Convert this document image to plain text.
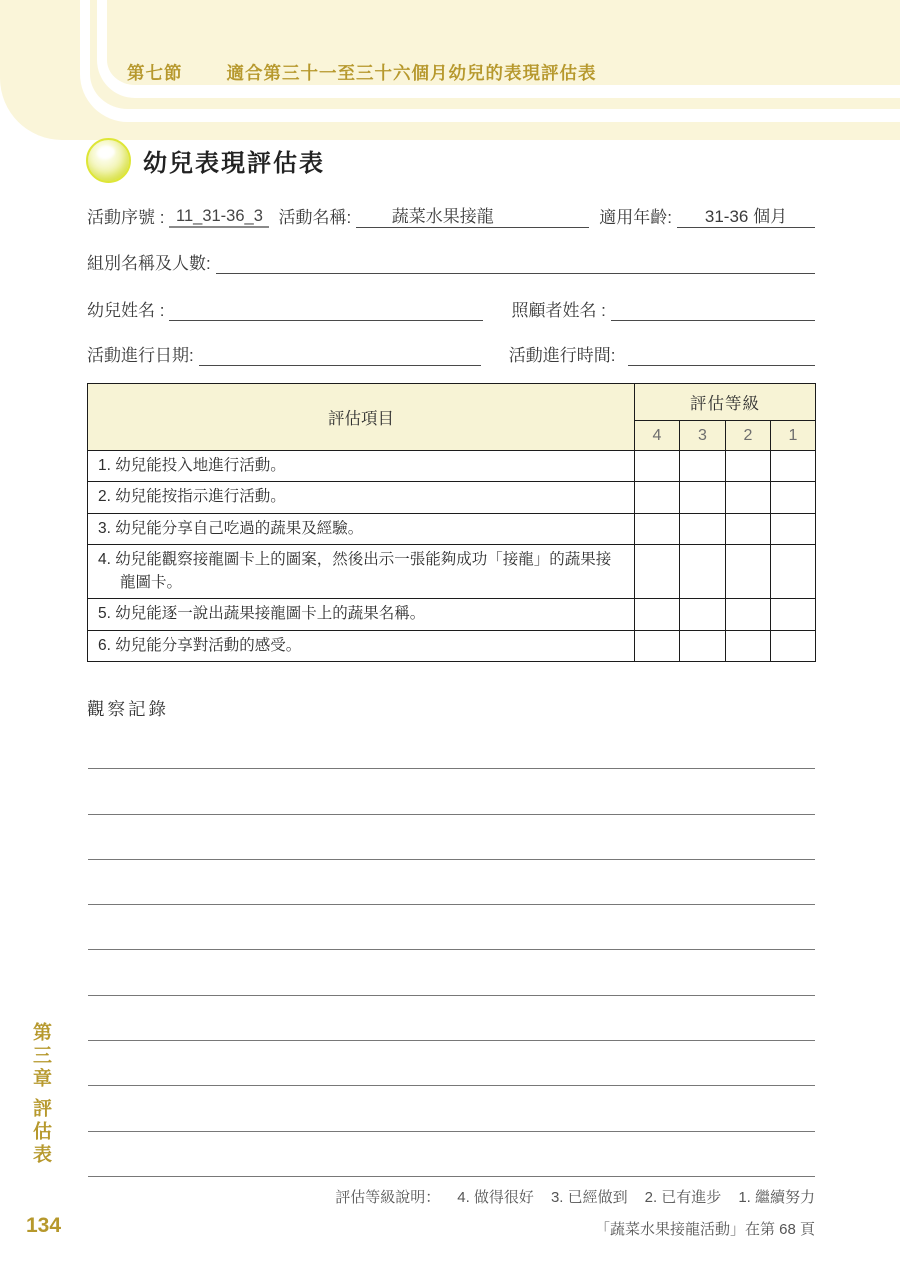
第七節	適合第三十一至三十六個月幼兒的表現評估表
第三章
評估表
134
幼兒表現評估表
活動序號 : 11_31-36_3 活動名稱:	蔬菜水果接龍	適用年齡:	31-36 個月
組別名稱及人數:
幼兒姓名 :	照顧者姓名 :
活動進行日期:	活動進行時間:
評估項目	評估等級			
	4	3	2	1
1. 幼兒能投入地進行活動。				
2. 幼兒能按指示進行活動。				
3. 幼兒能分享自己吃過的蔬果及經驗。				
4. 幼兒能觀察接龍圖卡上的圖案，然後出示一張能夠成功「接龍」的蔬果接龍圖卡。				
5. 幼兒能逐一說出蔬果接龍圖卡上的蔬果名稱。				
6. 幼兒能分享對活動的感受。				
觀察記錄
評估等級說明： 4. 做得很好 3. 已經做到 2. 已有進步 1. 繼續努力
「蔬菜水果接龍活動」在第 68 頁
